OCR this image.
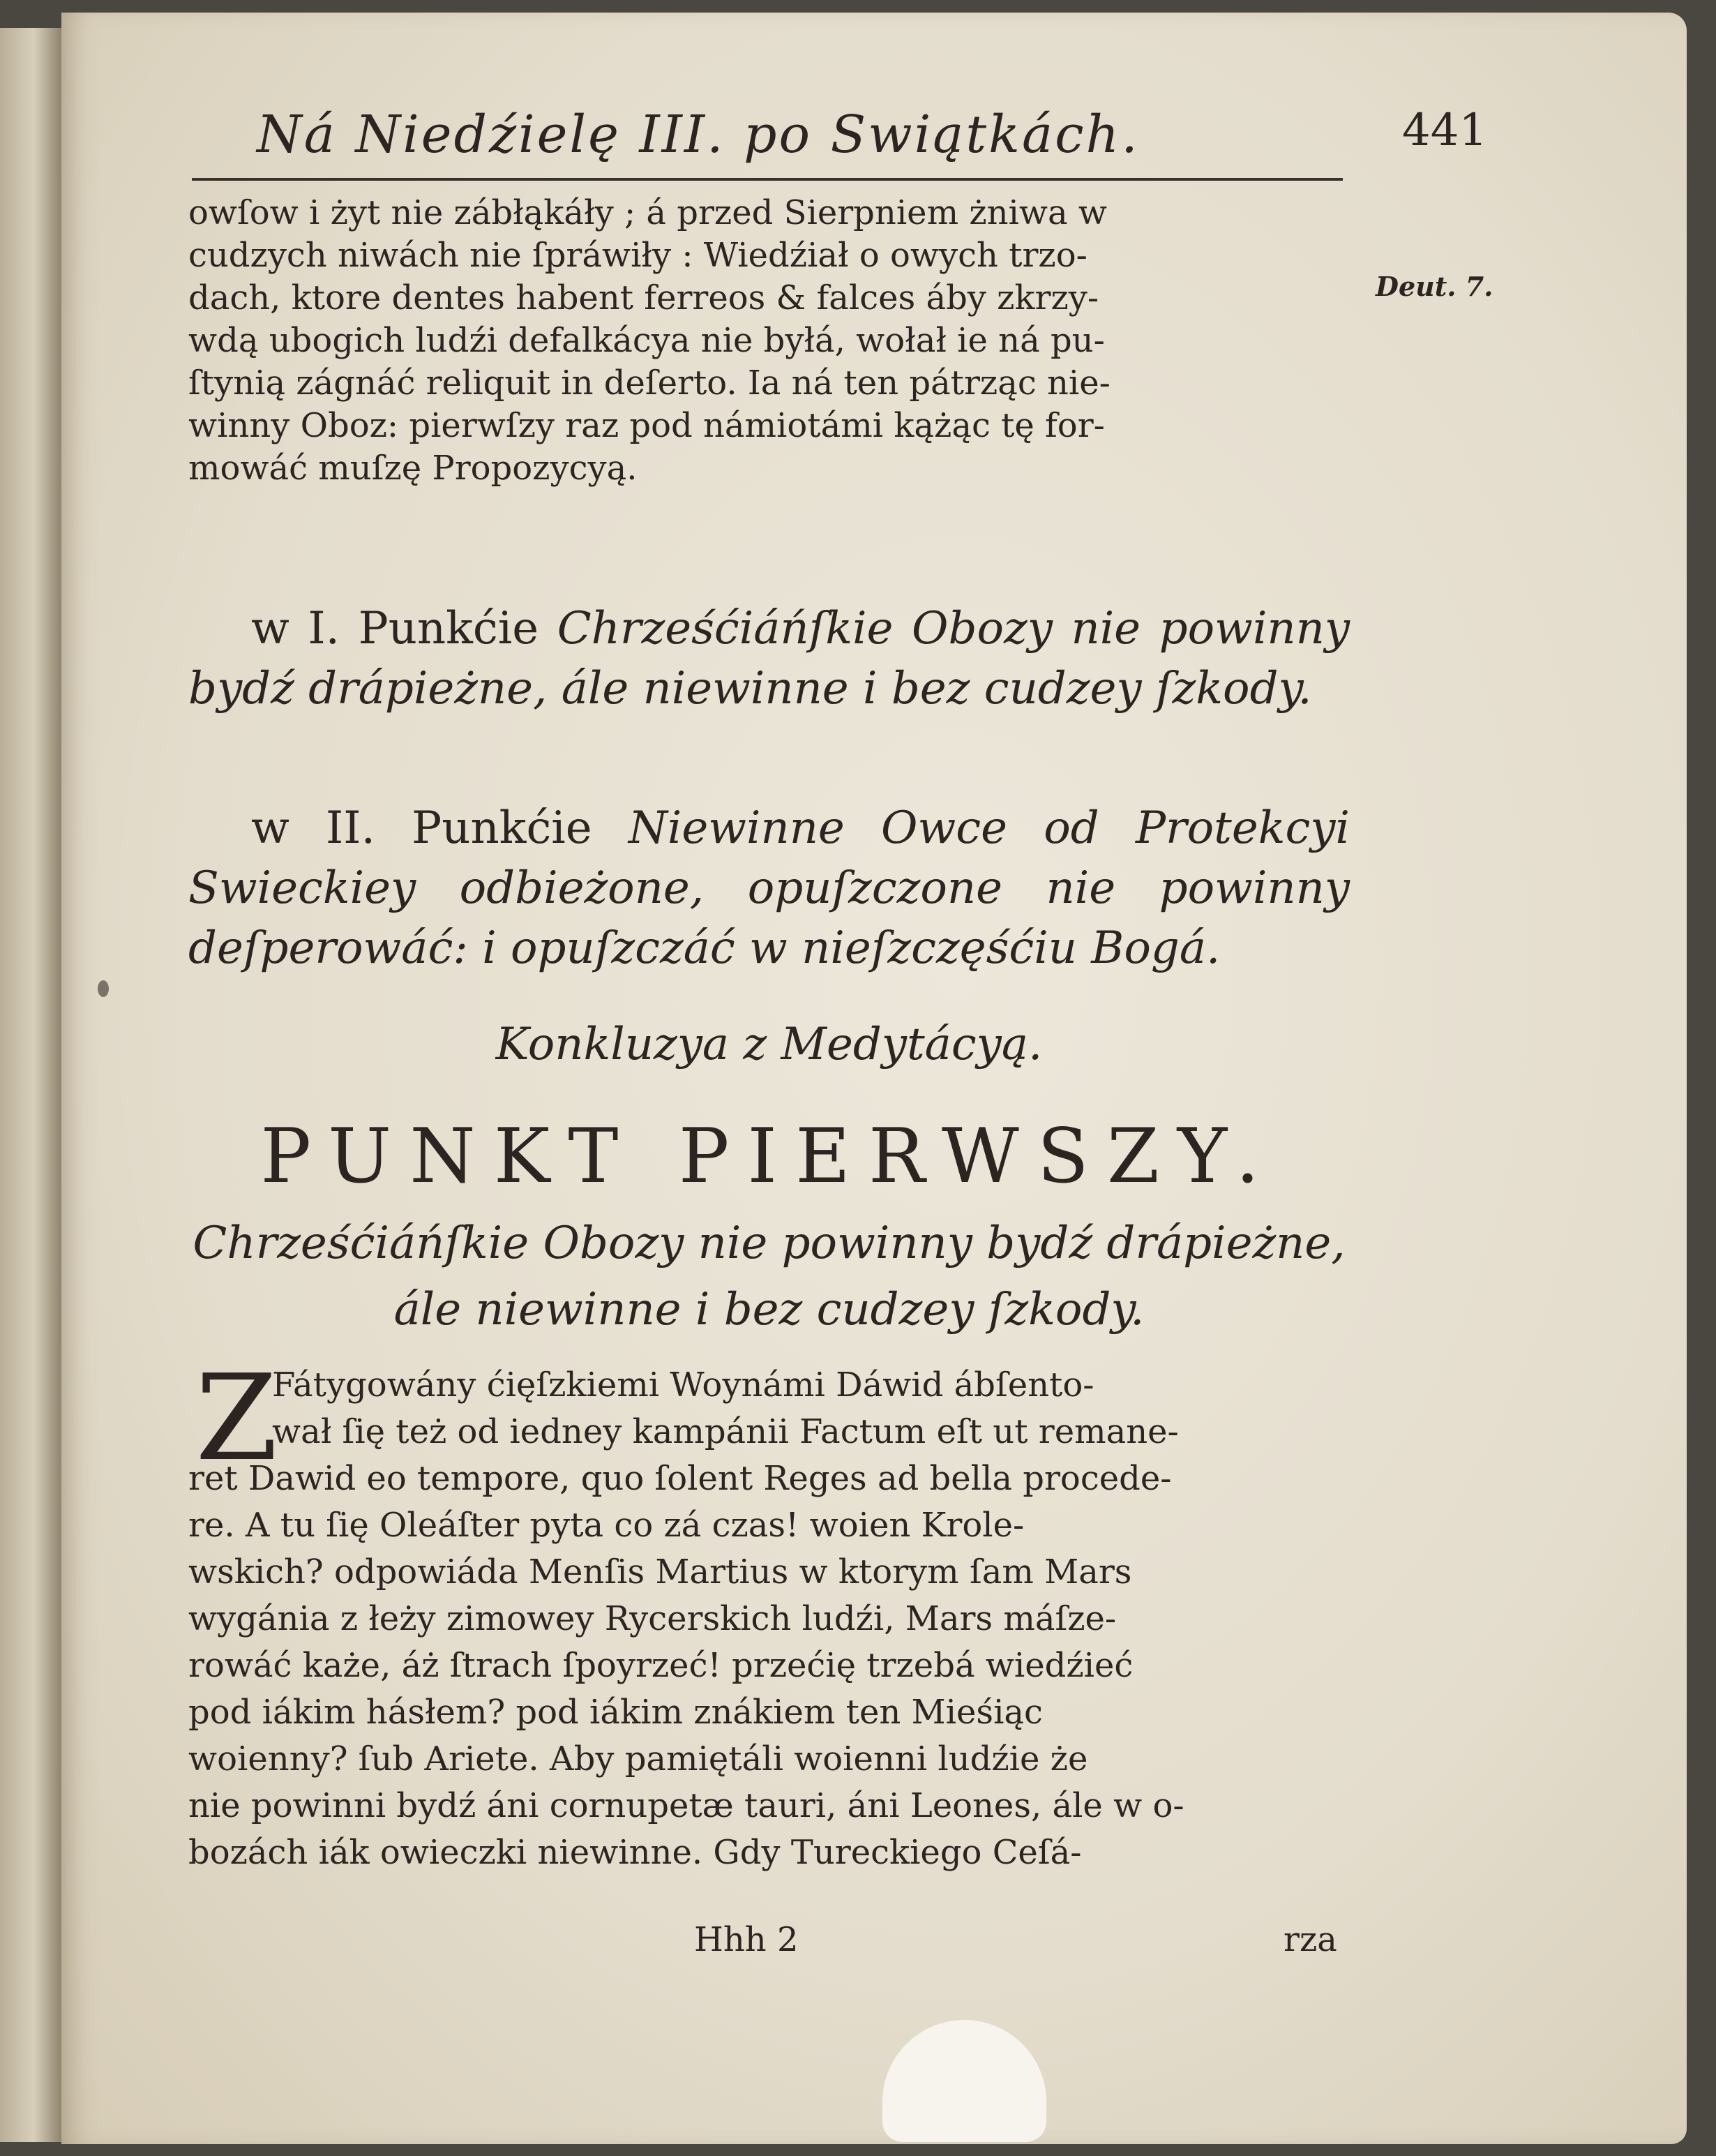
Ná Niedźielę III. po Swiątkách.	441
Deut. 7.
owſow i żyt nie zábłąkáły ; á przed Sierpniem żniwa w
cudzych niwách nie ſpráwiły : Wiedźiał o owych trzo-
dach, ktore dentes habent ferreos & falces áby zkrzy-
wdą ubogich ludźi defalkácya nie byłá, wołał ie ná pu-
ſtynią zágnáć reliquit in deſerto. Ia ná ten pátrząc nie-
winny Oboz: pierwſzy raz pod námiotámi kążąc tę for-
mowáć muſzę Propozycyą.
w I. Punkćie Chrześćiáńſkie Obozy nie powinny bydź drápieżne, ále niewinne i bez cudzey ſzkody.
w II. Punkćie Niewinne Owce od Protekcyi Swieckiey odbieżone, opuſzczone nie powinny deſperowáć: i opuſzczáć w nieſzczęśćiu Bogá.
Konkluzya z Medytácyą.
PUNKT PIERWSZY.
Chrześćiáńſkie Obozy nie powinny bydź drápieżne,
ále niewinne i bez cudzey ſzkody.
Z
Fátygowány ćięſzkiemi Woynámi Dáwid ábſento-
wał ſię też od iedney kampánii Factum eſt ut remane-
ret Dawid eo tempore, quo ſolent Reges ad bella procede-
re. A tu ſię Oleáſter pyta co zá czas! woien Krole-
wskich? odpowiáda Menſis Martius w ktorym ſam Mars
wygánia z łeży zimowey Rycerskich ludźi, Mars máſze-
rowáć każe, áż ſtrach ſpoyrzeć! przećię trzebá wiedźieć
pod iákim hásłem? pod iákim znákiem ten Mieśiąc
woienny? ſub Ariete. Aby pamiętáli woienni ludźie że
nie powinni bydź áni cornupetæ tauri, áni Leones, ále w o-
bozách iák owieczki niewinne. Gdy Tureckiego Ceſá-
Hhh 2	rza
